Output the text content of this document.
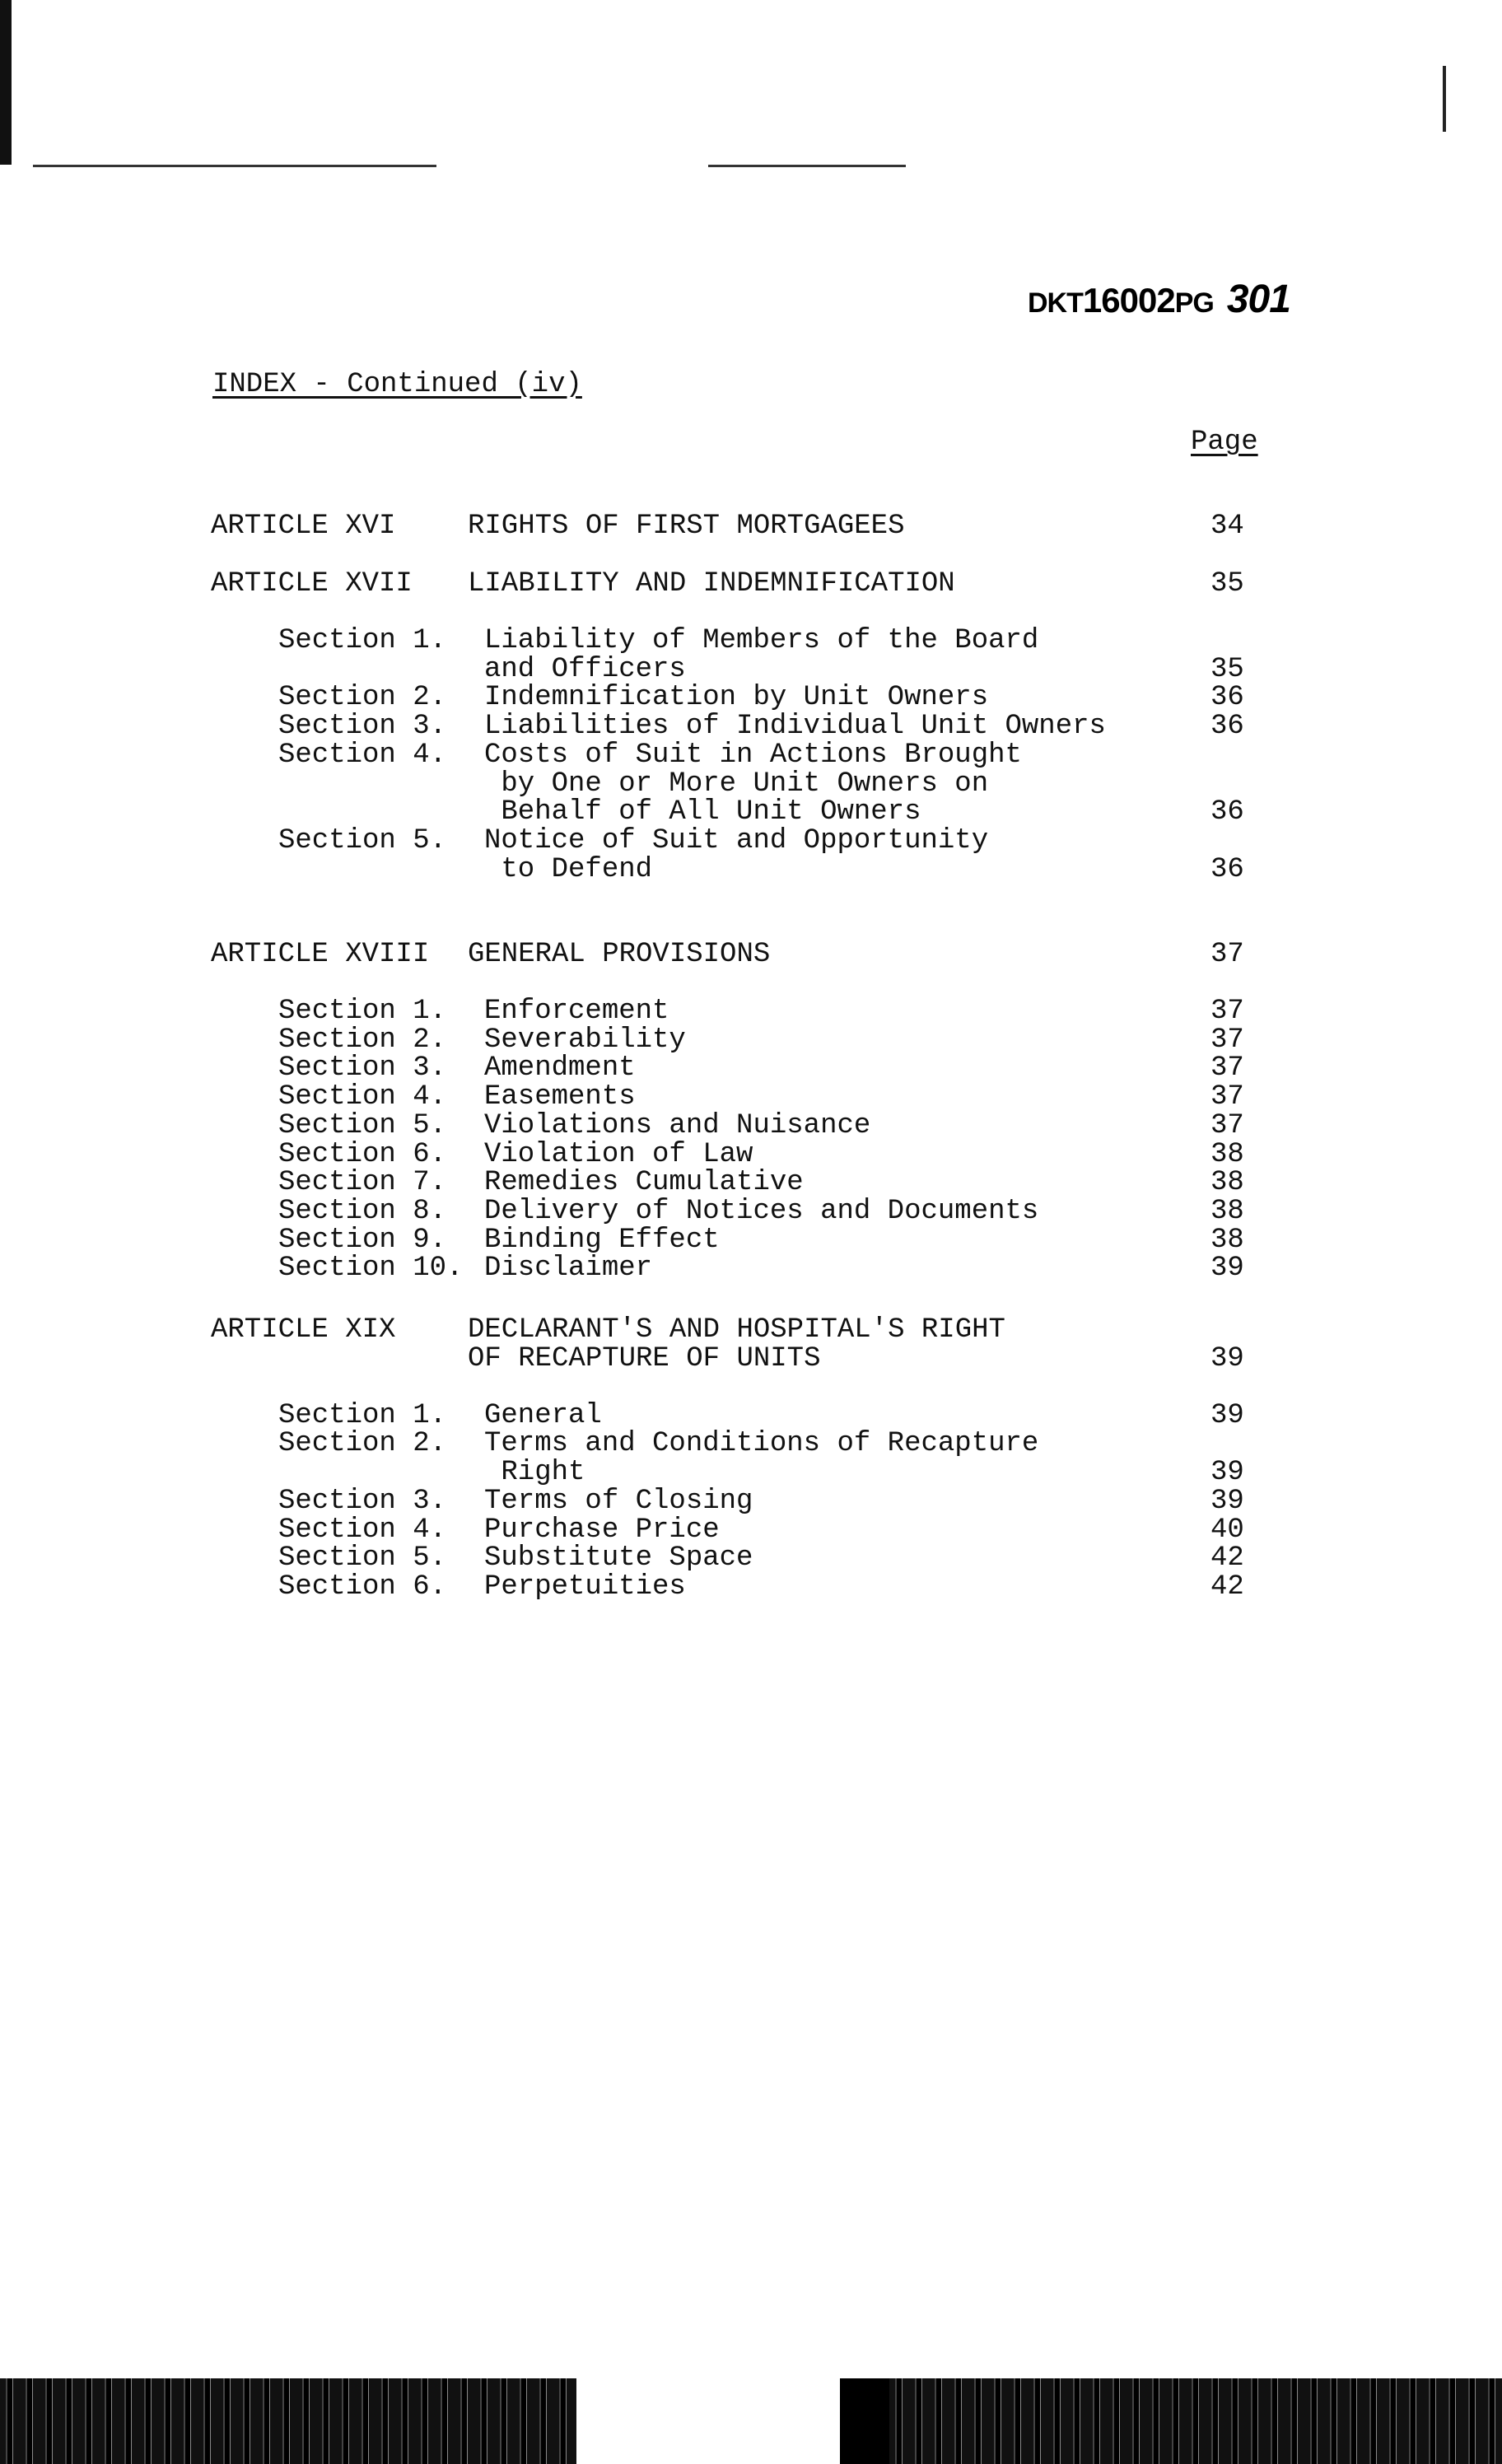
DKT16002PG 301
INDEX - Continued (iv)
Page
ARTICLE XVI	RIGHTS OF FIRST MORTGAGEES	34
ARTICLE XVII LIABILITY AND INDEMNIFICATION	35
Section 1. Liability of Members of the Board
and Officers	35
Section 2. Indemnification by Unit Owners	36
Section 3. Liabilities of Individual Unit Owners	36
Section 4. Costs of Suit in Actions Brought
by One or More Unit Owners on
Behalf of All Unit Owners	36
Section 5. Notice of Suit and Opportunity
to Defend	36
ARTICLE XVIII GENERAL PROVISIONS	37
Section 1. Enforcement	37
Section 2. Severability	37
Section 3. Amendment	37
Section 4. Easements	37
Section 5. Violations and Nuisance	37
Section 6. Violation of Law	38
Section 7. Remedies Cumulative	38
Section 8. Delivery of Notices and Documents	38
Section 9. Binding Effect	38
Section 10. Disclaimer	39
ARTICLE XIX	DECLARANT'S AND HOSPITAL'S RIGHT
OF RECAPTURE OF UNITS	39
Section 1. General	39
Section 2. Terms and Conditions of Recapture
Right	39
Section 3. Terms of Closing	39
Section 4. Purchase Price	40
Section 5. Substitute Space	42
Section 6. Perpetuities	42
